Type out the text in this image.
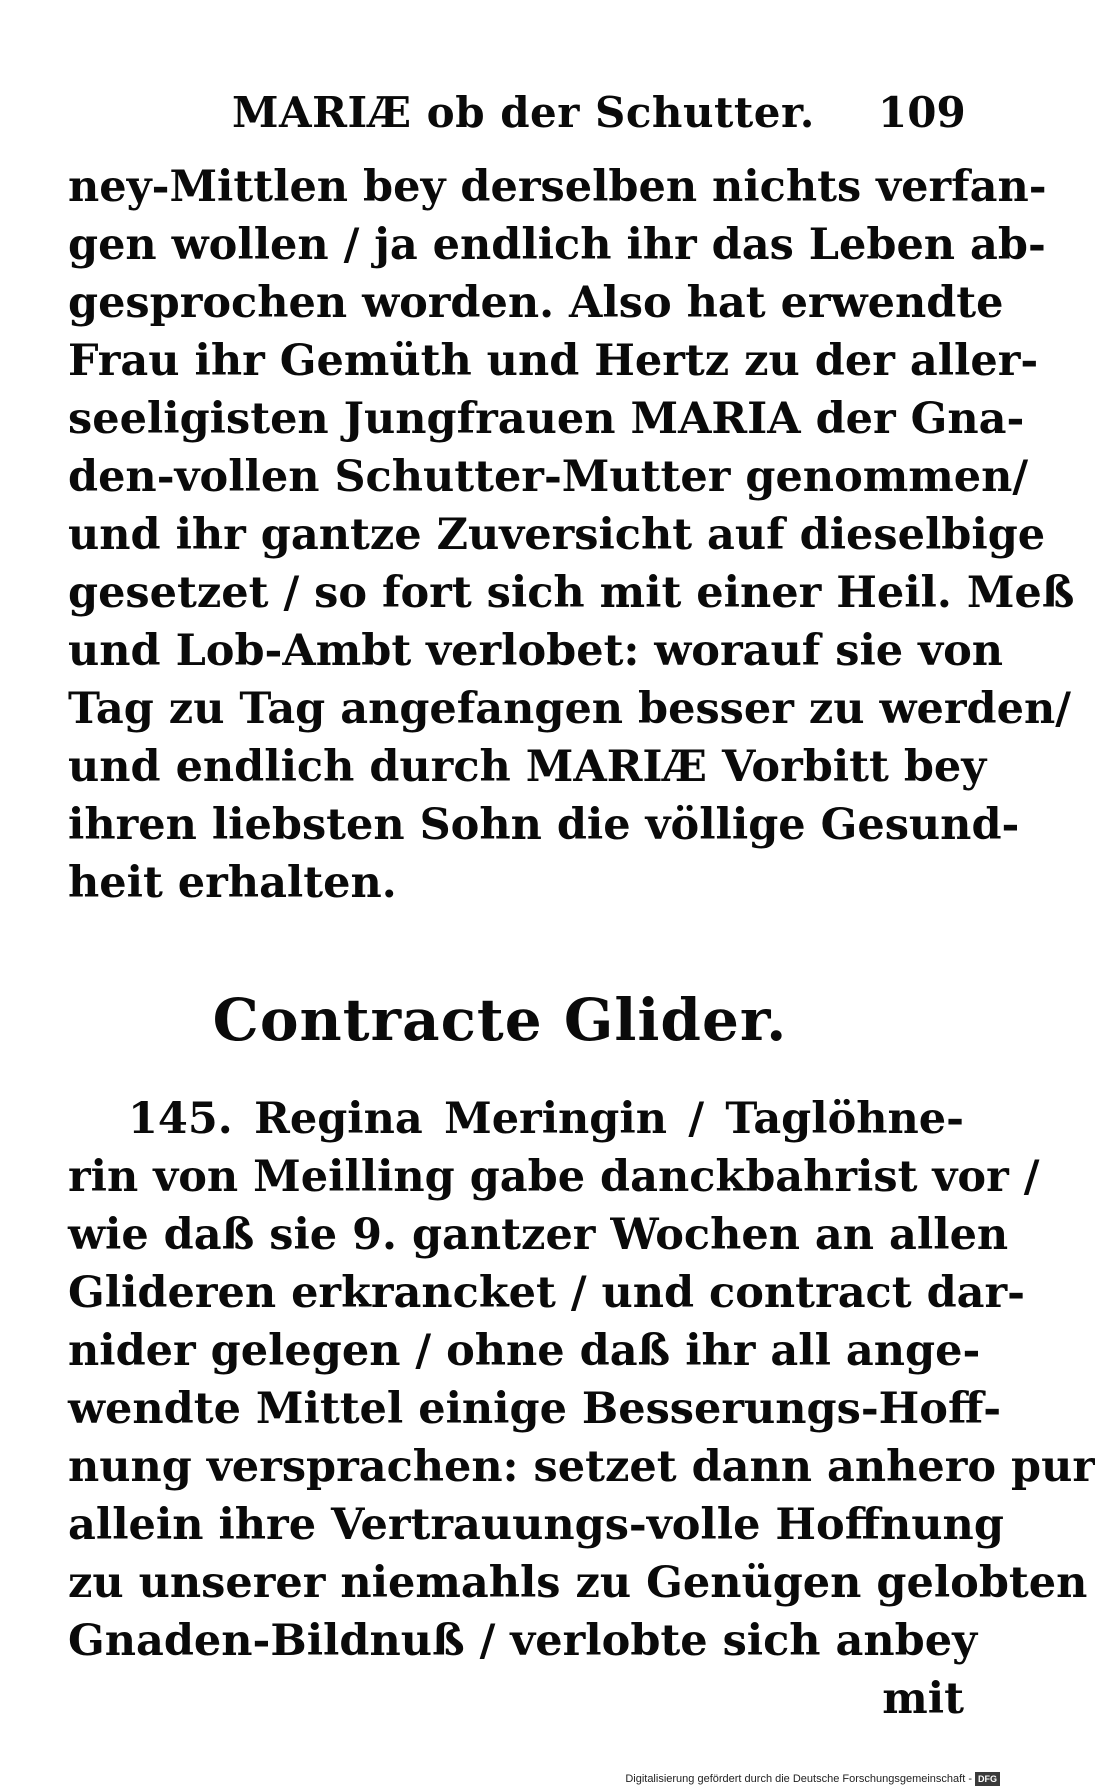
MARIÆ ob der Schutter. 109
ney-Mittlen bey derselben nichts verfan-
gen wollen / ja endlich ihr das Leben ab-
gesprochen worden. Also hat erwendte
Frau ihr Gemüth und Hertz zu der aller-
seeligisten Jungfrauen MARIA der Gna-
den-vollen Schutter-Mutter genommen/
und ihr gantze Zuversicht auf dieselbige
gesetzet / so fort sich mit einer Heil. Meß
und Lob-Ambt verlobet: worauf sie von
Tag zu Tag angefangen besser zu werden/
und endlich durch MARIÆ Vorbitt bey
ihren liebsten Sohn die völlige Gesund-
heit erhalten.
Contracte Glider.
145. Regina Meringin / Taglöhne-
rin von Meilling gabe danckbahrist vor /
wie daß sie 9. gantzer Wochen an allen
Glideren erkrancket / und contract dar-
nider gelegen / ohne daß ihr all ange-
wendte Mittel einige Besserungs-Hoff-
nung versprachen: setzet dann anhero pur
allein ihre Vertrauungs-volle Hoffnung
zu unserer niemahls zu Genügen gelobten
Gnaden-Bildnuß / verlobte sich anbey
mit
Digitalisierung gefördert durch die Deutsche Forschungsgemeinschaft - DFG
